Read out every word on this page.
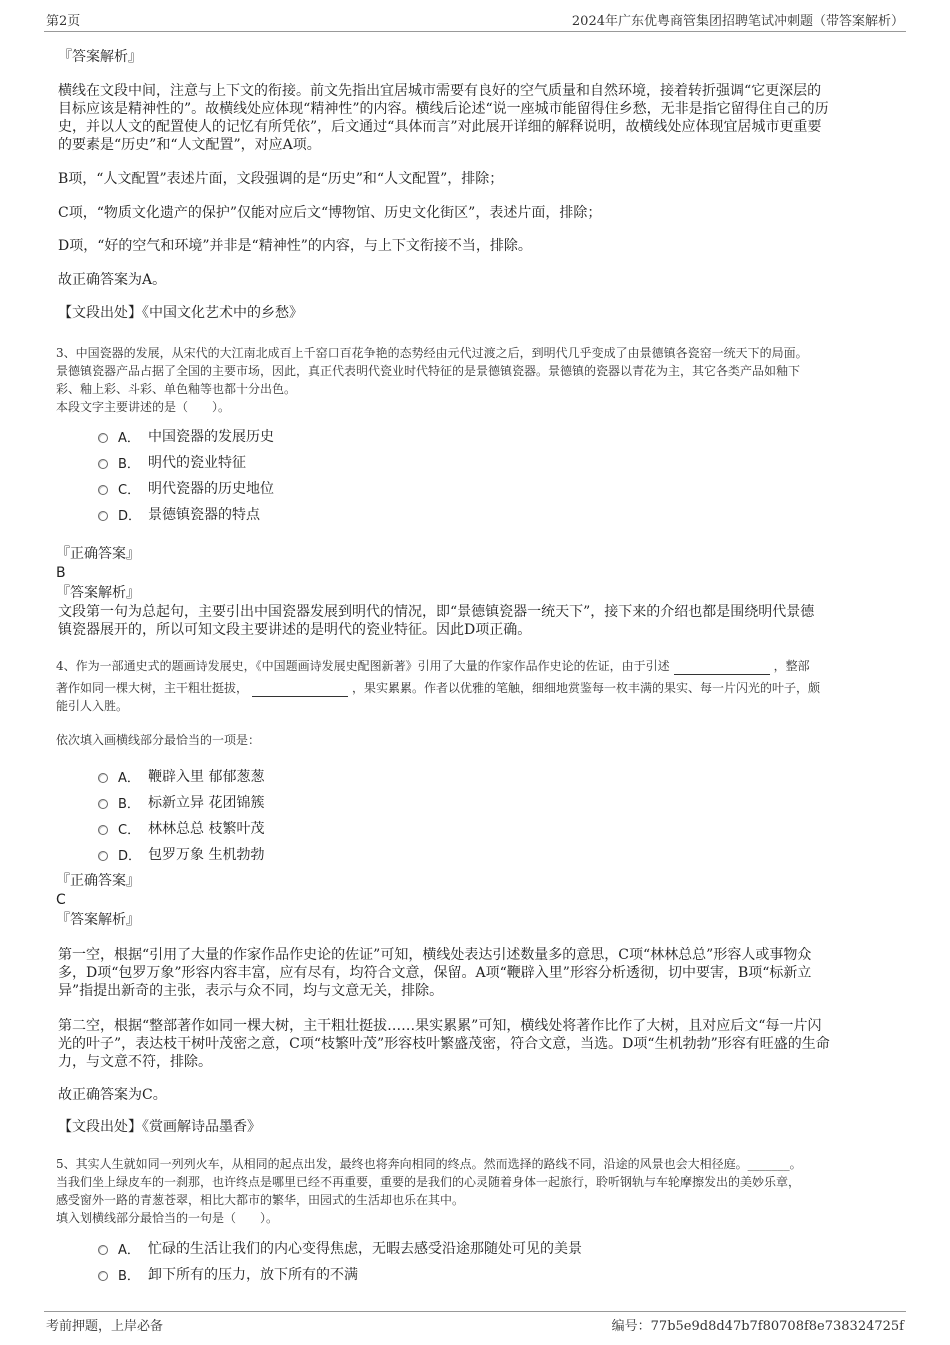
第2页	2024年广东优粤商管集团招聘笔试冲刺题（带答案解析）
『答案解析』
横线在文段中间，注意与上下文的衔接。前文先指出宜居城市需要有良好的空气质量和自然环境，接着转折强调“它更深层的
目标应该是精神性的”。故横线处应体现“精神性”的内容。横线后论述“说一座城市能留得住乡愁，无非是指它留得住自己的历
史，并以人文的配置使人的记忆有所凭依”，后文通过“具体而言”对此展开详细的解释说明，故横线处应体现宜居城市更重要
的要素是“历史”和“人文配置”，对应A项。
B项，“人文配置”表述片面，文段强调的是“历史”和“人文配置”，排除；
C项，“物质文化遗产的保护”仅能对应后文“博物馆、历史文化街区”，表述片面，排除；
D项，“好的空气和环境”并非是“精神性”的内容，与上下文衔接不当，排除。
故正确答案为A。
【文段出处】《中国文化艺术中的乡愁》
3、中国瓷器的发展，从宋代的大江南北成百上千窑口百花争艳的态势经由元代过渡之后，到明代几乎变成了由景德镇各瓷窑一统天下的局面。
景德镇瓷器产品占据了全国的主要市场，因此，真正代表明代瓷业时代特征的是景德镇瓷器。景德镇的瓷器以青花为主，其它各类产品如釉下
彩、釉上彩、斗彩、单色釉等也都十分出色。
本段文字主要讲述的是（　　）。
A． 中国瓷器的发展历史
B． 明代的瓷业特征
C． 明代瓷器的历史地位
D． 景德镇瓷器的特点
『正确答案』
B
『答案解析』
文段第一句为总起句，主要引出中国瓷器发展到明代的情况，即“景德镇瓷器一统天下”，接下来的介绍也都是围绕明代景德
镇瓷器展开的，所以可知文段主要讲述的是明代的瓷业特征。因此D项正确。
4、作为一部通史式的题画诗发展史，《中国题画诗发展史配图新著》引用了大量的作家作品作史论的佐证，由于引述	，整部
著作如同一棵大树，主干粗壮挺拔，	，果实累累。作者以优雅的笔触，细细地赏鉴每一枚丰满的果实、每一片闪光的叶子，颇
能引人入胜。
依次填入画横线部分最恰当的一项是：
A． 鞭辟入里 郁郁葱葱
B． 标新立异 花团锦簇
C． 林林总总 枝繁叶茂
D． 包罗万象 生机勃勃
『正确答案』
C
『答案解析』
第一空，根据“引用了大量的作家作品作史论的佐证”可知，横线处表达引述数量多的意思，C项“林林总总”形容人或事物众
多，D项“包罗万象”形容内容丰富，应有尽有，均符合文意，保留。A项“鞭辟入里”形容分析透彻，切中要害，B项“标新立
异”指提出新奇的主张，表示与众不同，均与文意无关，排除。
第二空，根据“整部著作如同一棵大树，主干粗壮挺拔……果实累累”可知，横线处将著作比作了大树，且对应后文“每一片闪
光的叶子”，表达枝干树叶茂密之意，C项“枝繁叶茂”形容枝叶繁盛茂密，符合文意，当选。D项“生机勃勃”形容有旺盛的生命
力，与文意不符，排除。
故正确答案为C。
【文段出处】《赏画解诗品墨香》
5、其实人生就如同一列列火车，从相同的起点出发，最终也将奔向相同的终点。然而选择的路线不同，沿途的风景也会大相径庭。_______。
当我们坐上绿皮车的一刹那，也许终点是哪里已经不再重要，重要的是我们的心灵随着身体一起旅行，聆听钢轨与车轮摩擦发出的美妙乐章，
感受窗外一路的青葱苍翠，相比大都市的繁华，田园式的生活却也乐在其中。
填入划横线部分最恰当的一句是（　　）。
A． 忙碌的生活让我们的内心变得焦虑，无暇去感受沿途那随处可见的美景
B． 卸下所有的压力，放下所有的不满
考前押题，上岸必备	编号：77b5e9d8d47b7f80708f8e738324725f
